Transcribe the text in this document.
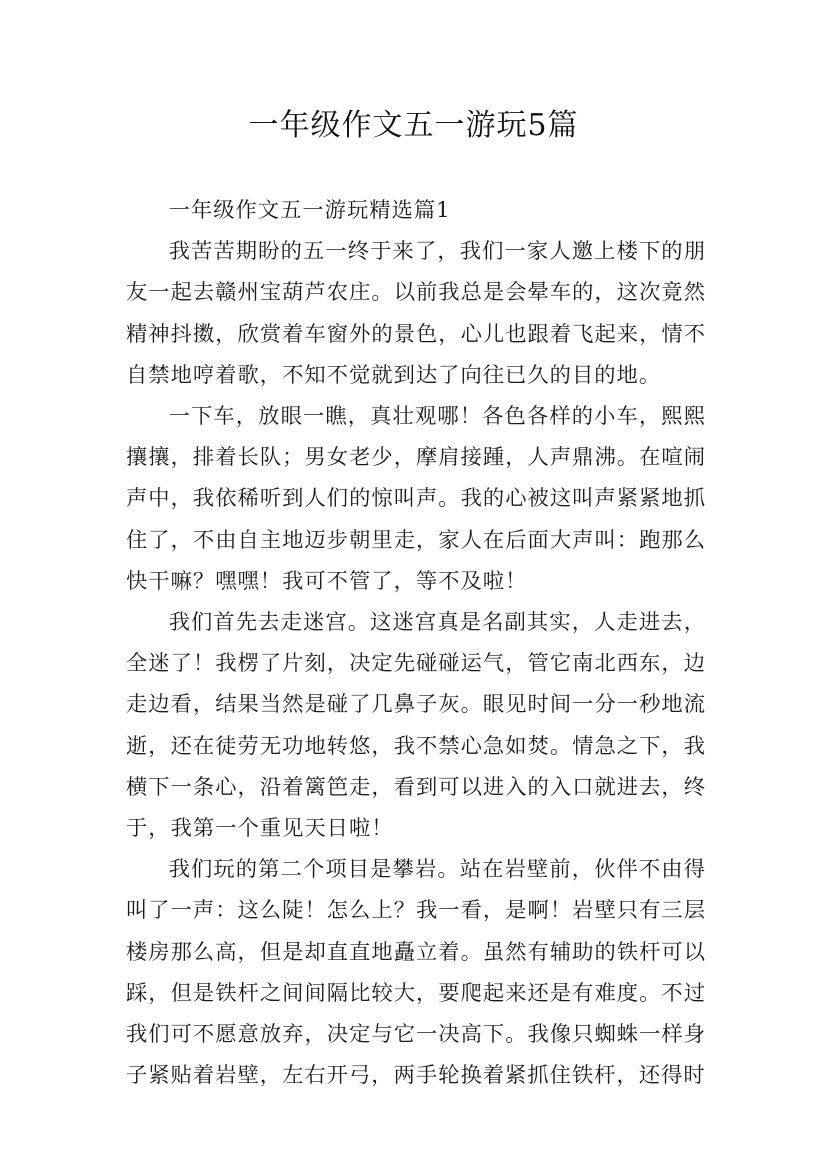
一年级作文五一游玩5篇

一年级作文五一游玩精选篇1

我苦苦期盼的五一终于来了，我们一家人邀上楼下的朋友一起去赣州宝葫芦农庄。以前我总是会晕车的，这次竟然精神抖擞，欣赏着车窗外的景色，心儿也跟着飞起来，情不自禁地哼着歌，不知不觉就到达了向往已久的目的地。

一下车，放眼一瞧，真壮观哪！各色各样的小车，熙熙攘攘，排着长队；男女老少，摩肩接踵，人声鼎沸。在喧闹声中，我依稀听到人们的惊叫声。我的心被这叫声紧紧地抓住了，不由自主地迈步朝里走，家人在后面大声叫：跑那么快干嘛？嘿嘿！我可不管了，等不及啦！

我们首先去走迷宫。这迷宫真是名副其实，人走进去，全迷了！我楞了片刻，决定先碰碰运气，管它南北西东，边走边看，结果当然是碰了几鼻子灰。眼见时间一分一秒地流逝，还在徒劳无功地转悠，我不禁心急如焚。情急之下，我横下一条心，沿着篱笆走，看到可以进入的入口就进去，终于，我第一个重见天日啦！

我们玩的第二个项目是攀岩。站在岩壁前，伙伴不由得叫了一声：这么陡！怎么上？我一看，是啊！岩壁只有三层楼房那么高，但是却直直地矗立着。虽然有辅助的铁杆可以踩，但是铁杆之间间隔比较大，要爬起来还是有难度。不过我们可不愿意放弃，决定与它一决高下。我像只蜘蛛一样身子紧贴着岩壁，左右开弓，两手轮换着紧抓住铁杆，还得时
